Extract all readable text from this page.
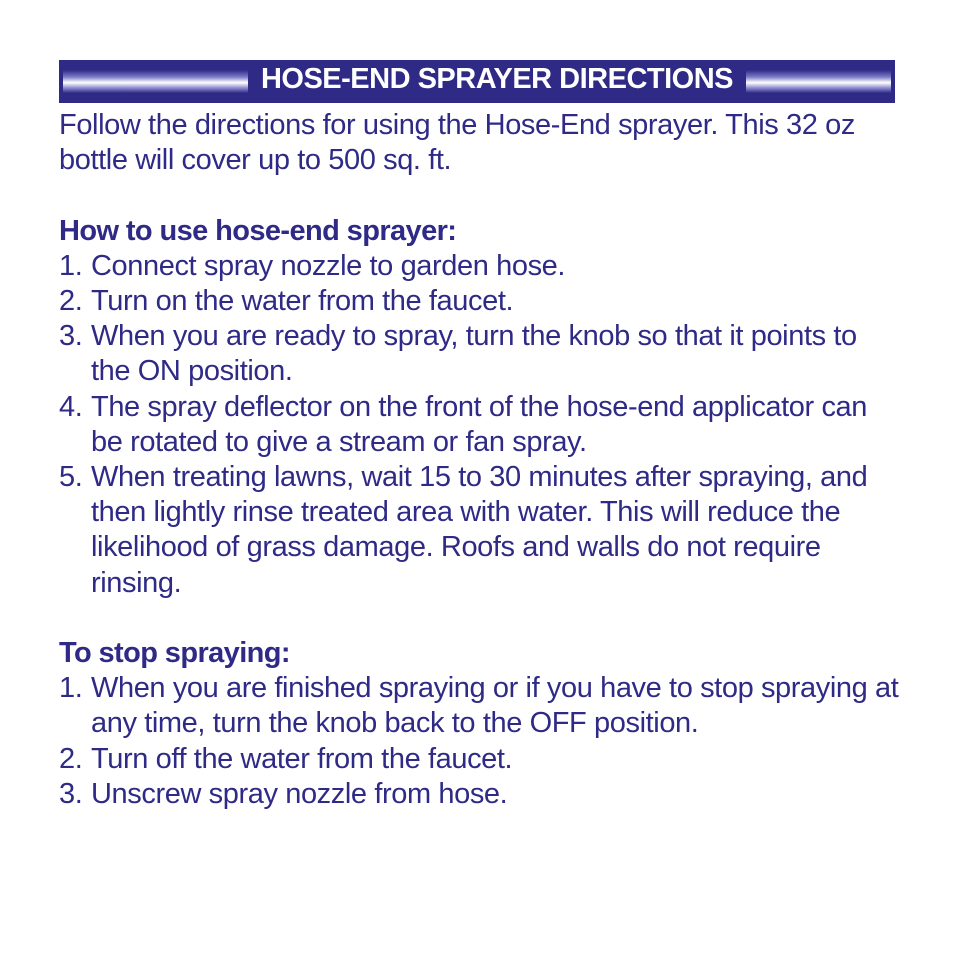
HOSE-END SPRAYER DIRECTIONS

Follow the directions for using the Hose-End sprayer. This 32 oz bottle will cover up to 500 sq. ft.

How to use hose-end sprayer:

1. Connect spray nozzle to garden hose.
2. Turn on the water from the faucet.
3. When you are ready to spray, turn the knob so that it points to the ON position.
4. The spray deflector on the front of the hose-end applicator can be rotated to give a stream or fan spray.
5. When treating lawns, wait 15 to 30 minutes after spraying, and then lightly rinse treated area with water. This will reduce the likelihood of grass damage. Roofs and walls do not require rinsing.

To stop spraying:

1. When you are finished spraying or if you have to stop spraying at any time, turn the knob back to the OFF position.
2. Turn off the water from the faucet.
3. Unscrew spray nozzle from hose.
